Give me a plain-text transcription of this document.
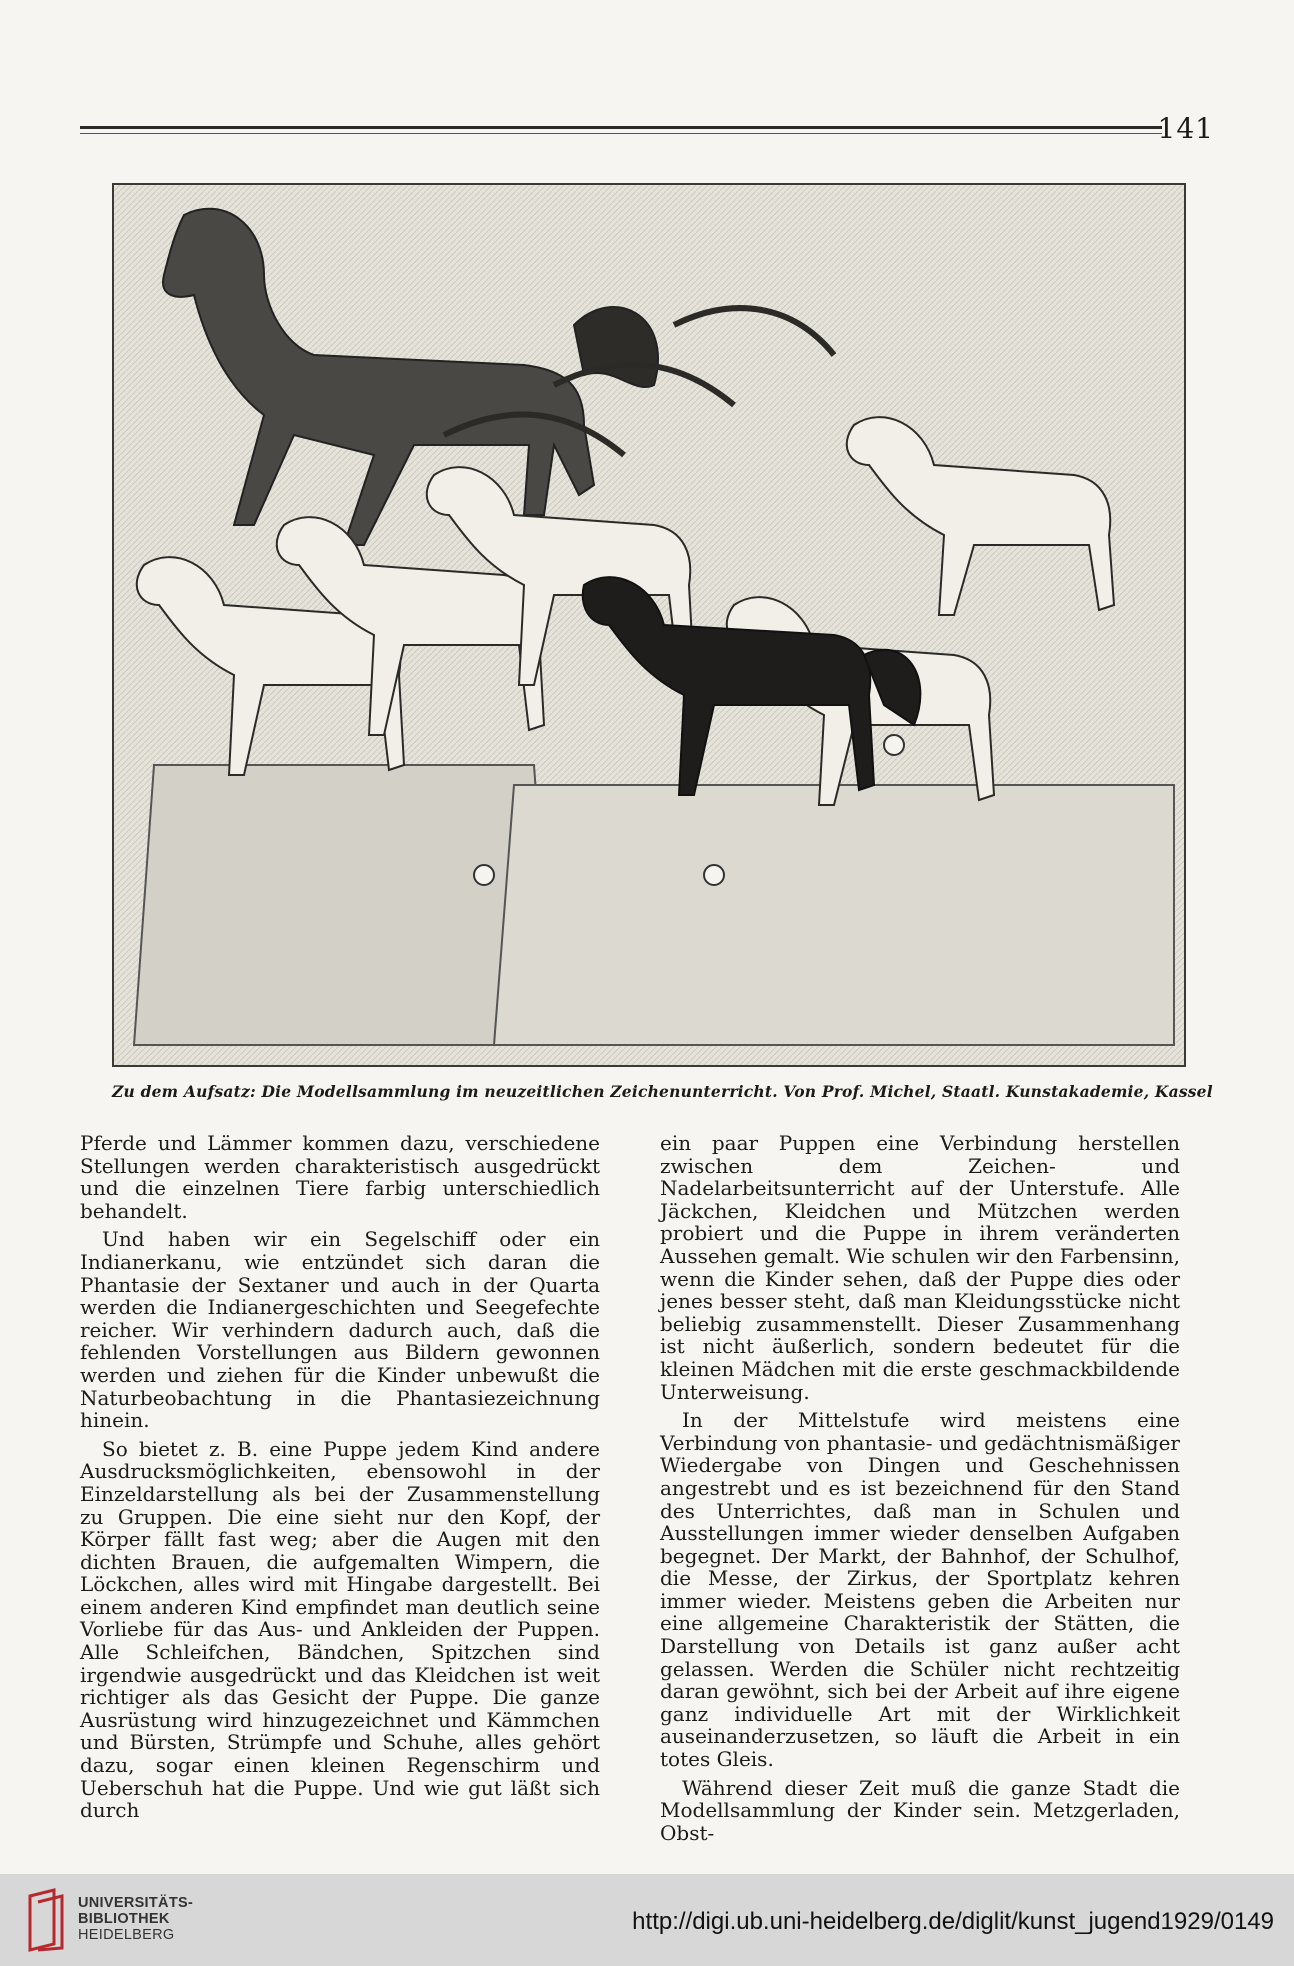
141
Zu dem Aufsatz: Die Modellsammlung im neuzeitlichen Zeichenunterricht. Von Prof. Michel, Staatl. Kunstakademie, Kassel

Pferde und Lämmer kommen dazu, verschiedene Stellungen werden charakteristisch ausgedrückt und die einzelnen Tiere farbig unterschiedlich behandelt.

Und haben wir ein Segelschiff oder ein Indianerkanu, wie entzündet sich daran die Phantasie der Sextaner und auch in der Quarta werden die Indianergeschichten und Seegefechte reicher. Wir verhindern dadurch auch, daß die fehlenden Vorstellungen aus Bildern gewonnen werden und ziehen für die Kinder unbewußt die Naturbeobachtung in die Phantasiezeichnung hinein.

So bietet z. B. eine Puppe jedem Kind andere Ausdrucksmöglichkeiten, ebensowohl in der Einzeldarstellung als bei der Zusammenstellung zu Gruppen. Die eine sieht nur den Kopf, der Körper fällt fast weg; aber die Augen mit den dichten Brauen, die aufgemalten Wimpern, die Löckchen, alles wird mit Hingabe dargestellt. Bei einem anderen Kind empfindet man deutlich seine Vorliebe für das Aus- und Ankleiden der Puppen. Alle Schleifchen, Bändchen, Spitzchen sind irgendwie ausgedrückt und das Kleidchen ist weit richtiger als das Gesicht der Puppe. Die ganze Ausrüstung wird hinzugezeichnet und Kämmchen und Bürsten, Strümpfe und Schuhe, alles gehört dazu, sogar einen kleinen Regenschirm und Ueberschuh hat die Puppe. Und wie gut läßt sich durch

ein paar Puppen eine Verbindung herstellen zwischen dem Zeichen- und Nadelarbeitsunterricht auf der Unterstufe. Alle Jäckchen, Kleidchen und Mützchen werden probiert und die Puppe in ihrem veränderten Aussehen gemalt. Wie schulen wir den Farbensinn, wenn die Kinder sehen, daß der Puppe dies oder jenes besser steht, daß man Kleidungsstücke nicht beliebig zusammenstellt. Dieser Zusammenhang ist nicht äußerlich, sondern bedeutet für die kleinen Mädchen mit die erste geschmackbildende Unterweisung.

In der Mittelstufe wird meistens eine Verbindung von phantasie- und gedächtnismäßiger Wiedergabe von Dingen und Geschehnissen angestrebt und es ist bezeichnend für den Stand des Unterrichtes, daß man in Schulen und Ausstellungen immer wieder denselben Aufgaben begegnet. Der Markt, der Bahnhof, der Schulhof, die Messe, der Zirkus, der Sportplatz kehren immer wieder. Meistens geben die Arbeiten nur eine allgemeine Charakteristik der Stätten, die Darstellung von Details ist ganz außer acht gelassen. Werden die Schüler nicht rechtzeitig daran gewöhnt, sich bei der Arbeit auf ihre eigene ganz individuelle Art mit der Wirklichkeit auseinanderzusetzen, so läuft die Arbeit in ein totes Gleis.

Während dieser Zeit muß die ganze Stadt die Modellsammlung der Kinder sein. Metzgerladen, Obst-

UNIVERSITÄTS-
BIBLIOTHEK
HEIDELBERG	http://digi.ub.uni-heidelberg.de/diglit/kunst_jugend1929/0149
